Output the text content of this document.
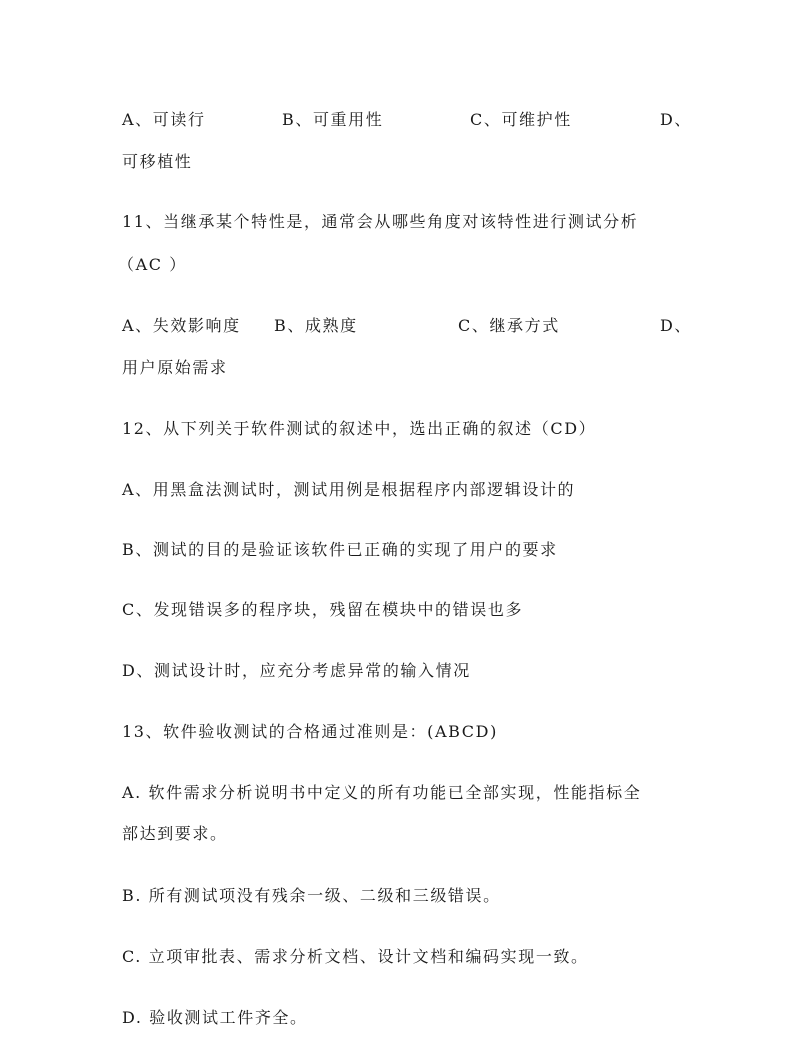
A、可读行	B、可重用性	C、可维护性	D、
可移植性
11、当继承某个特性是，通常会从哪些角度对该特性进行测试分析
（AC ）
A、失效影响度 B、成熟度	C、继承方式	D、
用户原始需求
12、从下列关于软件测试的叙述中，选出正确的叙述（CD）
A、用黑盒法测试时，测试用例是根据程序内部逻辑设计的
B、测试的目的是验证该软件已正确的实现了用户的要求
C、发现错误多的程序块，残留在模块中的错误也多
D、测试设计时，应充分考虑异常的输入情况
13、软件验收测试的合格通过准则是：(ABCD)
A. 软件需求分析说明书中定义的所有功能已全部实现，性能指标全
部达到要求。
B. 所有测试项没有残余一级、二级和三级错误。
C. 立项审批表、需求分析文档、设计文档和编码实现一致。
D. 验收测试工件齐全。
